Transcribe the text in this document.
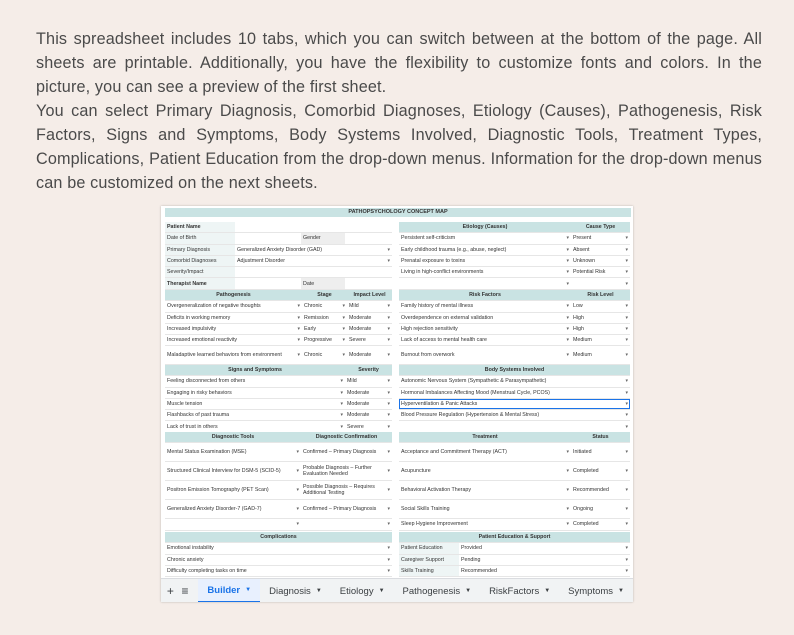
This spreadsheet includes 10 tabs, which you can switch between at the bottom of the page. All sheets are printable. Additionally, you have the flexibility to customize fonts and colors. In the picture, you can see a preview of the first sheet.

You can select Primary Diagnosis, Comorbid Diagnoses, Etiology (Causes), Pathogenesis, Risk Factors, Signs and Symptoms, Body Systems Involved, Diagnostic Tools, Treatment Types, Complications, Patient Education from the drop-down menus. Information for the drop-down menus can be customized on the next sheets.

PATHOPSYCHOLOGY CONCEPT MAP
Patient Name
Date of Birth	Gender
Primary Diagnosis	Generalized Anxiety Disorder (GAD) ▾
Comorbid Diagnoses	Adjustment Disorder ▾
Severity/Impact
Therapist Name	Date
Etiology (Causes)	Cause Type
Persistent self-criticism ▾	Present ▾
Early childhood trauma (e.g., abuse, neglect) ▾	Absent ▾
Prenatal exposure to toxins ▾	Unknown ▾
Living in high-conflict environments ▾	Potential Risk ▾
▾
▾
Pathogenesis	Stage	Impact Level
Overgeneralization of negative thoughts ▾	Chronic ▾	Mild ▾
Deficits in working memory ▾	Remission ▾	Moderate ▾
Increased impulsivity ▾	Early ▾	Moderate ▾
Increased emotional reactivity ▾	Progressive ▾	Severe ▾
Maladaptive learned behaviors from environment ▾	Chronic ▾	Moderate ▾
Risk Factors	Risk Level
Family history of mental illness ▾	Low ▾
Overdependence on external validation ▾	High ▾
High rejection sensitivity ▾	High ▾
Lack of access to mental health care ▾	Medium ▾
Burnout from overwork ▾	Medium ▾
Signs and Symptoms	Severity
Feeling disconnected from others ▾	Mild ▾
Engaging in risky behaviors ▾	Moderate ▾
Muscle tension ▾	Moderate ▾
Flashbacks of past trauma ▾	Moderate ▾
Lack of trust in others ▾	Severe ▾
Body Systems Involved
Autonomic Nervous System (Sympathetic & Parasympathetic) ▾
Hormonal Imbalances Affecting Mood (Menstrual Cycle, PCOS) ▾
Hyperventilation & Panic Attacks ▾
Blood Pressure Regulation (Hypertension & Mental Stress) ▾
▾
Diagnostic Tools	Diagnostic Confirmation
Mental Status Examination (MSE) ▾	Confirmed – Primary Diagnosis ▾
Structured Clinical Interview for DSM-5 (SCID-5) ▾	Probable Diagnosis – Further Evaluation Needed ▾
Positron Emission Tomography (PET Scan) ▾	Possible Diagnosis – Requires Additional Testing ▾
Generalized Anxiety Disorder-7 (GAD-7) ▾	Confirmed – Primary Diagnosis ▾
▾
▾
Treatment	Status
Acceptance and Commitment Therapy (ACT) ▾	Initiated ▾
Acupuncture ▾	Completed ▾
Behavioral Activation Therapy ▾	Recommended ▾
Social Skills Training ▾	Ongoing ▾
Sleep Hygiene Improvement ▾	Completed ▾
Complications
Emotional instability ▾
Chronic anxiety ▾
Difficulty completing tasks on time ▾
Patient Education & Support
Patient Education	Provided ▾
Caregiver Support	Pending ▾
Skills Training	Recommended ▾
+ ≡	Builder ▼ Diagnosis ▼ Etiology ▼ Pathogenesis ▼ RiskFactors ▼ Symptoms ▼
